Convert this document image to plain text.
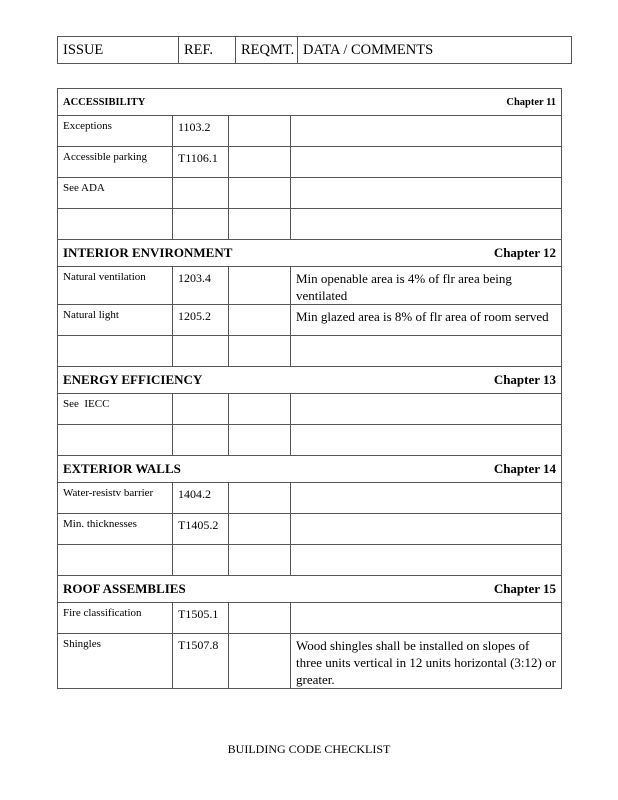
ISSUE	REF.	REQMT.	DATA / COMMENTS
ACCESSIBILITY Chapter 11			

Exceptions	1103.2		
Accessible parking	T1106.1		
See ADA			

INTERIOR ENVIRONMENT Chapter 12			

Natural ventilation	1203.4		Min openable area is 4% of flr area being ventilated
Natural light	1205.2		Min glazed area is 8% of flr area of room served

ENERGY EFFICIENCY Chapter 13			

See  IECC			

EXTERIOR WALLS Chapter 14			

Water-resistv barrier	1404.2		
Min. thicknesses	T1405.2		

ROOF ASSEMBLIES Chapter 15			

Fire classification	T1505.1		
Shingles	T1507.8		Wood shingles shall be installed on slopes of three units vertical in 12 units horizontal (3:12) or greater.
BUILDING CODE CHECKLIST
